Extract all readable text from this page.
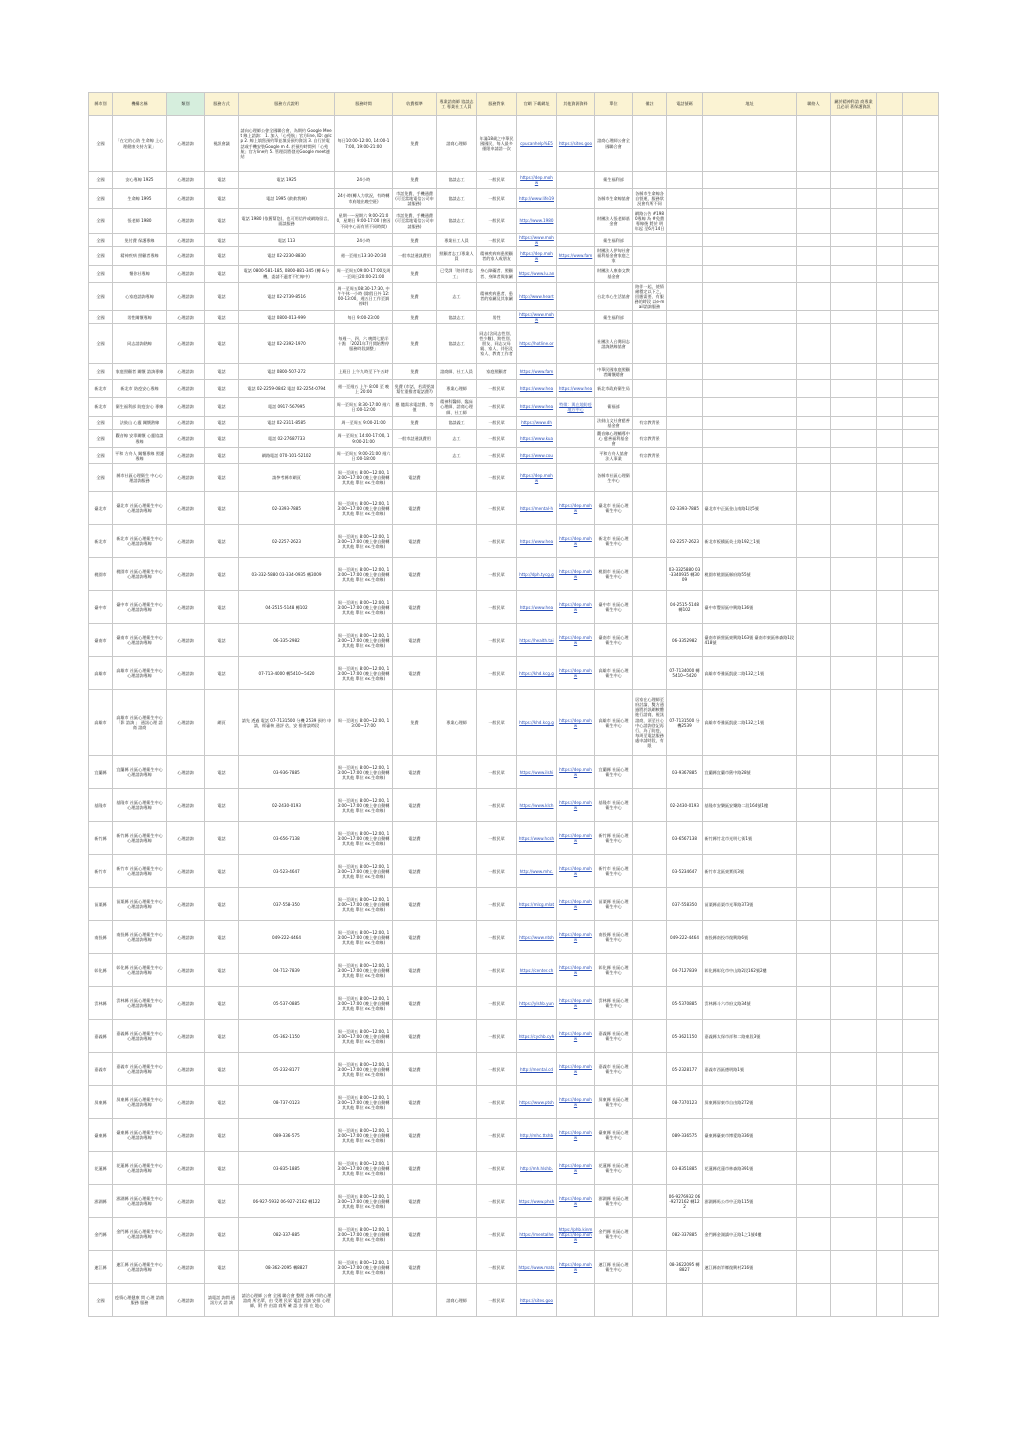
縣市別	機構名稱	類別	服務方式	服務方式說明	服務時間	收費標準	專業諮商師 協談志工 專業社工人員	服務對象	官網 下載網址	其他資源資料	單位	備註	電話號碼	地址	聯絡人	屬於精神科諮 商專業且必須 著保護資訊		
全國	「在宅的心防 生命線 上心理健康支持方案」	心理諮詢	視訊會議	請向心理師公會全國聯合會，為期約 Google Meet 線上諮詢： 1. 加入「心苑航」官方line, ID: @lcp 2. 線上填寫預約單並填妥預約資訊 3. 自行於電話或手機安裝Google m 4. 於預約時間到「心苑航」官方line約 5. 管理員將發送Google meet連結	每日10:00-12:00, 14:00-17:00, 19:00-21:00	免費	諮商心理師	年滿18歲之中華民國國民，每人最多僅限申請諮一次	cpucanhelp%E5	https://sites.goo	諮商心理師公會全國聯合會							
全國	安心專線 1925	心理諮詢	電話	電話 1925	24小時	免費	協談志工	一般民眾	https://dep.mohw		衛生福利部							
全國	生命線 1995	心理諮詢	電話	電話 1995 (救救我啊)	24小時(轉人力狀況，有時轉市府地出晚空班)	市話免費，手機通費(可至當地電信公司申請服務)	協談志工	一般民眾	http://www.life19		各縣市生命線協會	各縣市生命線各自營運，服務狀況會有所不同						
全國	張老師 1980	心理諮詢	電話	電話 1980 (依舊幫您)，也可用信件或網路留言，面談服務	星期一～星期六 9:00-21:00，星期日 9:00-17:00 (會因不同中心而有所不同時間)	市話免費，手機通費(可至當地電信公司申請服務)	協談志工	一般民眾	http://www.1980		財團法人張老師基金會	網路公告 #1980專線 為 #免費專線後 將於 明年起 至6月14日						
全國	免付費 保護專線	心理諮詢	電話	電話 113	24小時	免費	專業社工人員	一般民眾	https://www.mohw		衛生福利部							
全國	精神疾病 照顧者專線	心理諮詢	電話	電話 02-2230-8830	週一至週五13:30-20:30	一般市話通訊費用	照顧者志工/專業人員	精神疾病病患照顧者的家人或朋友	https://dep.mohw	https://www.fam	財團法人伊甸社會福利基金會家庭之家							
全國	懷你社專線	心理諮詢	電話	電話 0800-581-185, 0800-881-345 (轉 &分機，委請不適者不忙線中)	周一至周五09:00-17:00及周一至周日20:00-21:00	免費	已受訓「陪伴者志工」	身心障礙者、照顧者、身障者與家屬	https://www.lu.an		財團法人康泰文教基金會							
全國	心家庭諮詢專線	心理諮詢	電話	電話 02-2739-8516	周一至周五08:30-17:30, 中午午休一小時 (除假日外 12:00-13:00，週五日工作至調停時)	免費	志工	精神疾病患者、患者的家屬及其家屬	http://www.heart		台北市心生活協會	陪伴一起，使情緒穩定以下之，回應需要，有服務的時段 以e-mail諮詢服務						
全國	男性關懷專線	心理諮詢	電話	電話 0800-013-999	每日 9:00-23:00	免費	協談志工	男性	https://www.mohw		衛生福利部							
全國	同志諮詢熱線	心理諮詢	電話	電話 02-2392-1970	每週一、四、六 晚間七點半十點 「2021年7月開始暫停服務時段調整」	免費	協談志工	同志(含同志性別、性少數)、跨性別、朋友、同志父母親、家人、伴侶及家人、教育工作者	https://hotline.or		社團法人台灣同志諮詢熱線協會							
全國	家庭照顧者 關懷 諮詢專線	心理諮詢	電話	電話 0800-507-272	上班日 上午九時至下午五時	免費	諮商師、社工人員	家庭照顧者	https://www.fam		中華民國家庭照顧者關懷總會							
新北市	新北市 防疫安心專線	心理諮詢	電話	電話 02-2259-0842 電話 02-2254-0794	週一至週五 上午 8:00 至 晚上 20:00	免費 (市話，若需要請幫忙重撥者電話費?)	專業心理師	一般民眾	https://www.hea	https://www.hea	新北市政府衛生局							
新北市	衛生福利部 防疫安心 專線	心理諮詢	電話	電話 0917-567995	周一至周五 8:30-17:00 週六日:00-12:00	應 隨需求電話費、等值	精神科醫師、臨床心理師、諮商心理師、社工師	一般民眾	https://www.hea	特徵：與在地防疫地方中心	衛福部							
全國	法鼓山 心靈 關懷熱線	心理諮詢	電話	電話 02-2311-8585	周一至周五 9:00-21:00	免費	協談義工	一般民眾	https://www.dh		法鼓山文社會慈善基金會	有宗教背景						
全國	觀音線 安寧關懷 心靈協談專線	心理諮詢	電話	電話 02-27687733	周一至周五 14:00-17:00, 19:00-21:00	一般市話通訊費用	志工	一般民眾	https://www.kua		觀音線心理輔導中心 慈善福利基金會	有宗教背景						
全國	平和 方舟人 關懷專線 照護專線	心理諮詢	電話	網路電話 070-101-52102	周一至周五 9:00-21:00 週六日:00-18:00		志工	一般民眾	https://www.cou		平和方舟人協會 法人事業	有宗教背景						
全國	縣市社區心理衛生 中心心理諮詢服務	心理諮詢	電話	請參考縣市網頁	周一至周五 8:00~12:00, 13:00~17:00 (晚上會自動轉 其其他 單位 ex.生命線)	電話費		一般民眾	https://dep.mohw		各縣市社區心理衛生中心							
臺北市	臺北市 社區心理衛生中心 心理諮詢專線	心理諮詢	電話	02-3393-7885	周一至周五 8:00~12:00, 13:00~17:00 (晚上會自動轉 其其他 單位 ex.生命線)	電話費		一般民眾	https://mental-h	https://dep.mohw	臺北市 社區心理衛生中心		02-3393-7885	臺北市中正區金山南路1段5號				
新北市	新北市 社區心理衛生中心 心理諮詢專線	心理諮詢	電話	02-2257-2623	周一至周五 8:00~12:00, 13:00~17:00 (晚上會自動轉 其其他 單位 ex.生命線)	電話費		一般民眾	https://www.hea	https://dep.mohw	新北市 社區心理衛生中心		02-2257-2623	新北市板橋區英士路192之1號				
桃園市	桃園市 社區心理衛生中心 心理諮詢專線	心理諮詢	電話	03-332-5880 03-334-0935 轉3009	周一至周五 8:00~12:00, 13:00~17:00 (晚上會自動轉 其其他 單位 ex.生命線)	電話費		一般民眾	http://dph.tycg.g	https://dep.mohw	桃園市 社區心理衛生中心		03-3325880 03-3340935 轉3009	桃園市桃園區縣府路55號				
臺中市	臺中市 社區心理衛生中心 心理諮詢專線	心理諮詢	電話	04-2515-5148 轉102	周一至周五 8:00~12:00, 13:00~17:00 (晚上會自動轉 其其他 單位 ex.生命線)	電話費		一般民眾	https://www.hea	https://dep.mohw	臺中市 社區心理衛生中心		04-2515-5148 轉102	臺中市豐原區中興路136號				
臺南市	臺南市 社區心理衛生中心 心理諮詢專線	心理諮詢	電話	06-335-2982	周一至周五 8:00~12:00, 13:00~17:00 (晚上會自動轉 其其他 單位 ex.生命線)	電話費		一般民眾	https://health.tai	https://dep.mohw	臺南市 社區心理衛生中心		06-3352982	臺南市新營區東興路163號 臺南市東區林森路1段418號				
高雄市	高雄市 社區心理衛生中心 心理諮詢專線	心理諮詢	電話	07-713-4000 轉5410~5420	周一至周五 8:00~12:00, 13:00~17:00 (晚上會自動轉 其其他 單位 ex.生命線)	電話費		一般民眾	https://khd.kcg.g	https://dep.mohw	高雄市 社區心理衛生中心		07-7134000 轉5410~5420	高雄市苓雅區凱旋二路132之1號				
高雄市	高雄市 社區心理衛生中心 「影 諮詢 」 通訊心理 諮商 諮商	心理諮詢	網頁	請先 透過 電話 07-7131500 分機 2539 預約 申請，經審核 通評 估，安 排會談時段	周一至周五 8:00~12:00, 13:00~17:00	免費	專業心理師	一般民眾	https://khd.kcg.g	https://dep.mohw	高雄市 社區心理衛生中心	居家在心理師至府討論，雙方通過將於訊網軟體進行諮商，視訊諮商，須至社心中心諮詢登記再行，為了防疫，每周至電話服務處申請時段，有限	07-7131500 分機2539	高雄市苓雅區凱旋二路132之1號				
宜蘭縣	宜蘭縣 社區心理衛生中心 心理諮詢專線	心理諮詢	電話	03-936-7885	周一至周五 8:00~12:00, 13:00~17:00 (晚上會自動轉 其其他 單位 ex.生命線)	電話費		一般民眾	https://www.ilshi	https://dep.mohw	宜蘭縣 社區心理衛生中心		03-9367885	宜蘭縣宜蘭市舊中路28號				
基隆市	基隆市 社區心理衛生中心 心理諮詢專線	心理諮詢	電話	02-2430-0193	周一至周五 8:00~12:00, 13:00~17:00 (晚上會自動轉 其其他 單位 ex.生命線)	電話費		一般民眾	https://www.klch	https://dep.mohw	基隆市 社區心理衛生中心		02-2430-0193	基隆市安樂區安樂路二段164號1樓				
新竹縣	新竹縣 社區心理衛生中心 心理諮詢專線	心理諮詢	電話	03-656-7138	周一至周五 8:00~12:00, 13:00~17:00 (晚上會自動轉 其其他 單位 ex.生命線)	電話費		一般民眾	https://www.hcsh	https://dep.mohw	新竹縣 社區心理衛生中心		03-6567138	新竹縣竹北市光明七街1號				
新竹市	新竹市 社區心理衛生中心 心理諮詢專線	心理諮詢	電話	03-523-4647	周一至周五 8:00~12:00, 13:00~17:00 (晚上會自動轉 其其他 單位 ex.生命線)	電話費		一般民眾	http://www.mhc.	https://dep.mohw	新竹市 社區心理衛生中心		03-5234647	新竹市北區東實街3號				
苗栗縣	苗栗縣 社區心理衛生中心 心理諮詢專線	心理諮詢	電話	037-558-350	周一至周五 8:00~12:00, 13:00~17:00 (晚上會自動轉 其其他 單位 ex.生命線)	電話費		一般民眾	https://mlcg.mlat	https://dep.mohw	苗栗縣 社區心理衛生中心		037-558350	苗栗縣苗栗市光華路373號				
南投縣	南投縣 社區心理衛生中心 心理諮詢專線	心理諮詢	電話	049-222-4464	周一至周五 8:00~12:00, 13:00~17:00 (晚上會自動轉 其其他 單位 ex.生命線)	電話費		一般民眾	https://www.ntsh	https://dep.mohw	南投縣 社區心理衛生中心		049-222-4464	南投縣南投市復興路6號				
彰化縣	彰化縣 社區心理衛生中心 心理諮詢專線	心理諮詢	電話	04-712-7839	周一至周五 8:00~12:00, 13:00~17:00 (晚上會自動轉 其其他 單位 ex.生命線)	電話費		一般民眾	https://center.ch	https://dep.mohw	彰化縣 社區心理衛生中心		04-7127839	彰化縣彰化市中山路2段162號2樓				
雲林縣	雲林縣 社區心理衛生中心 心理諮詢專線	心理諮詢	電話	05-537-0885	周一至周五 8:00~12:00, 13:00~17:00 (晚上會自動轉 其其他 單位 ex.生命線)	電話費		一般民眾	https://ylshb.yun	https://dep.mohw	雲林縣 社區心理衛生中心		05-5370885	雲林縣斗六市府文路34號				
嘉義縣	嘉義縣 社區心理衛生中心 心理諮詢專線	心理諮詢	電話	05-362-1150	周一至周五 8:00~12:00, 13:00~17:00 (晚上會自動轉 其其他 單位 ex.生命線)	電話費		一般民眾	https://cychb.cyh	https://dep.mohw	嘉義縣 社區心理衛生中心		05-3621150	嘉義縣太保市祥和二路東段3號				
嘉義市	嘉義市 社區心理衛生中心 心理諮詢專線	心理諮詢	電話	05-232-8177	周一至周五 8:00~12:00, 13:00~17:00 (晚上會自動轉 其其他 單位 ex.生命線)	電話費		一般民眾	http://mental.cd	https://dep.mohw	嘉義市 社區心理衛生中心		05-2328177	嘉義市西區德明路1號				
屏東縣	屏東縣 社區心理衛生中心 心理諮詢專線	心理諮詢	電話	08-737-0123	周一至周五 8:00~12:00, 13:00~17:00 (晚上會自動轉 其其他 單位 ex.生命線)	電話費		一般民眾	https://www.ptsh	https://dep.mohw	屏東縣 社區心理衛生中心		08-7370123	屏東縣屏東市自由路272號				
臺東縣	臺東縣 社區心理衛生中心 心理諮詢專線	心理諮詢	電話	089-336-575	周一至周五 8:00~12:00, 13:00~17:00 (晚上會自動轉 其其他 單位 ex.生命線)	電話費		一般民眾	http://mhc.ttshb	https://dep.mohw	臺東縣 社區心理衛生中心		089-336575	臺東縣臺東市博愛路336號				
花蓮縣	花蓮縣 社區心理衛生中心 心理諮詢專線	心理諮詢	電話	03-835-1885	周一至周五 8:00~12:00, 13:00~17:00 (晚上會自動轉 其其他 單位 ex.生命線)	電話費		一般民眾	http://mh.hlshb.	https://dep.mohw	花蓮縣 社區心理衛生中心		03-8351885	花蓮縣花蓮市林森路391號				
澎湖縣	澎湖縣 社區心理衛生中心 心理諮詢專線	心理諮詢	電話	06-927-5932 06-927-2162 轉122	周一至周五 8:00~12:00, 13:00~17:00 (晚上會自動轉 其其他 單位 ex.生命線)	電話費		一般民眾	https://www.phsh	https://dep.mohw	澎湖縣 社區心理衛生中心		06-9276932 06-9272162 轉122	澎湖縣馬公市中正路115號				
金門縣	金門縣 社區心理衛生中心 心理諮詢專線	心理諮詢	電話	082-337-885	周一至周五 8:00~12:00, 13:00~17:00 (晚上會自動轉 其其他 單位 ex.生命線)	電話費		一般民眾	https://mentalhe	https://phb.kinm https://dep.mohw	金門縣 社區心理衛生中心		082-337885	金門縣金湖鎮中正路1之1號4樓				
連江縣	連江縣 社區心理衛生中心 心理諮詢專線	心理諮詢	電話	08-362-2095 轉8827	周一至周五 8:00~12:00, 13:00~17:00 (晚上會自動轉 其其他 單位 ex.生命線)	電話費		一般民眾	https://www.mats	https://dep.mohw	連江縣 社區心理衛生中心		08-3622095 轉8827	連江縣南竿鄉復興村216號				
全國	疫情心理健康 問 心理 諮商 服務 服務	心理諮詢	請電話 詢問 通訊方式 諮 詢	請洽心理師 公會 全國 聯合會 整理 各縣 市的心理諮商 所名單，由 受理 民眾 電話 諮詢 安排 心理師，附 件 由諮 商所 確 認 安 排 在 地心			諮商心理師	一般民眾	https://sites.goo									
